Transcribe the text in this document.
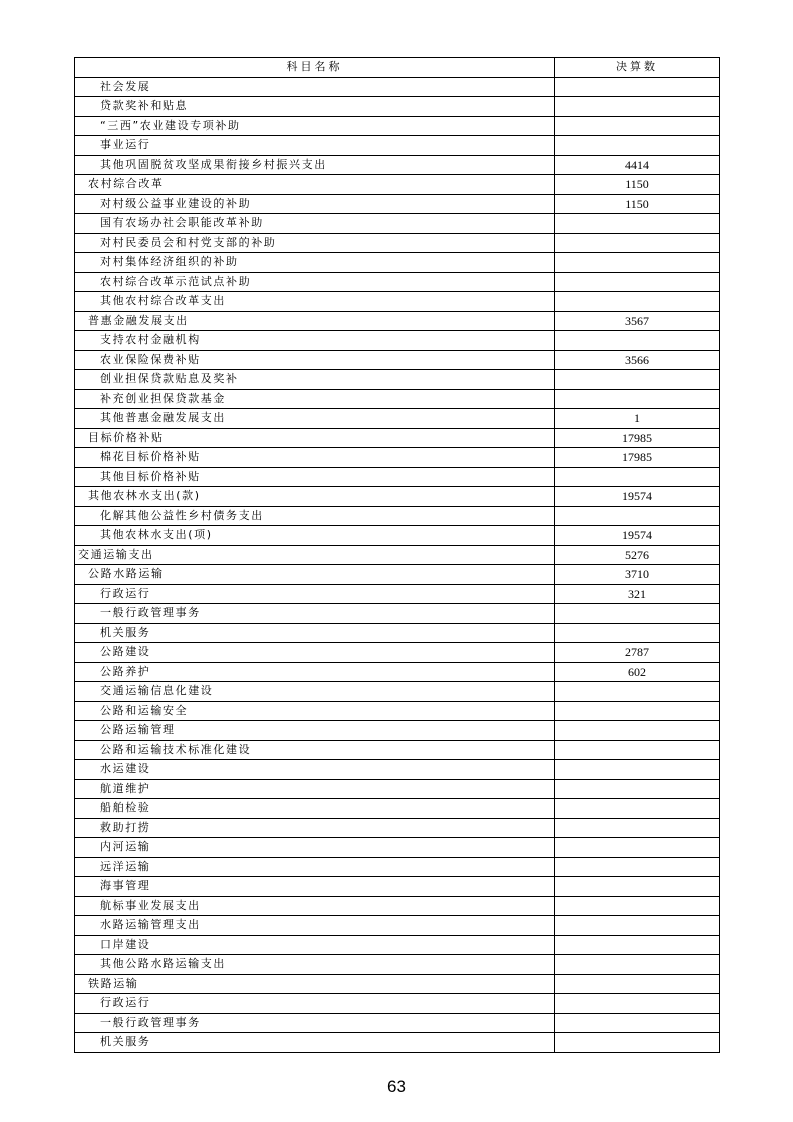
科目名称	决算数
社会发展	
贷款奖补和贴息	
“三西”农业建设专项补助	
事业运行	
其他巩固脱贫攻坚成果衔接乡村振兴支出	4414
农村综合改革	1150
对村级公益事业建设的补助	1150
国有农场办社会职能改革补助	
对村民委员会和村党支部的补助	
对村集体经济组织的补助	
农村综合改革示范试点补助	
其他农村综合改革支出	
普惠金融发展支出	3567
支持农村金融机构	
农业保险保费补贴	3566
创业担保贷款贴息及奖补	
补充创业担保贷款基金	
其他普惠金融发展支出	1
目标价格补贴	17985
棉花目标价格补贴	17985
其他目标价格补贴	
其他农林水支出(款)	19574
化解其他公益性乡村债务支出	
其他农林水支出(项)	19574
交通运输支出	5276
公路水路运输	3710
行政运行	321
一般行政管理事务	
机关服务	
公路建设	2787
公路养护	602
交通运输信息化建设	
公路和运输安全	
公路运输管理	
公路和运输技术标准化建设	
水运建设	
航道维护	
船舶检验	
救助打捞	
内河运输	
远洋运输	
海事管理	
航标事业发展支出	
水路运输管理支出	
口岸建设	
其他公路水路运输支出	
铁路运输	
行政运行	
一般行政管理事务	
机关服务	
63
